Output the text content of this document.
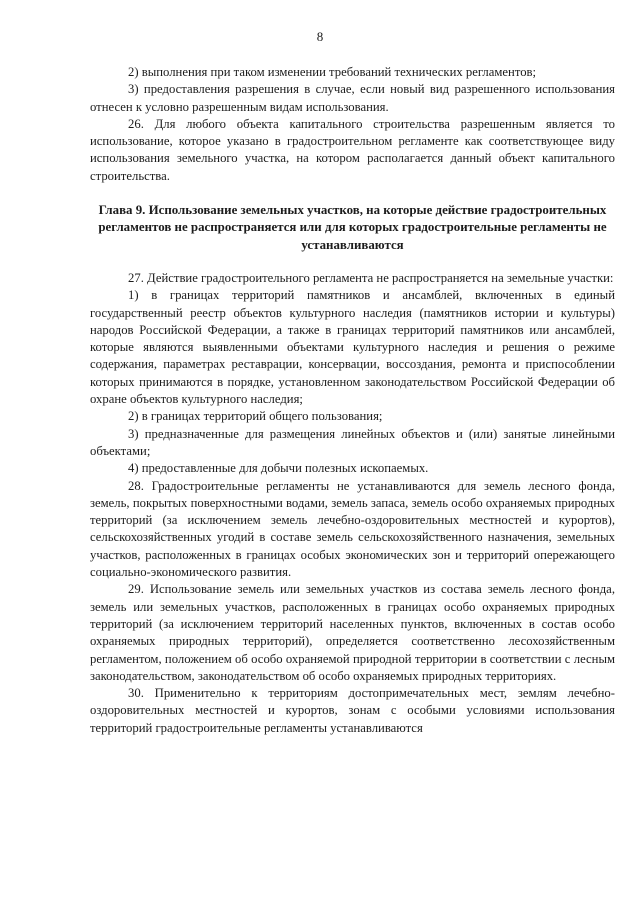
8

2) выполнения при таком изменении требований технических регламентов;

3) предоставления разрешения в случае, если новый вид разрешенного использования отнесен к условно разрешенным видам использования.

26. Для любого объекта капитального строительства разрешенным является то использование, которое указано в градостроительном регламенте как соответствующее виду использования земельного участка, на котором располагается данный объект капитального строительства.

Глава 9. Использование земельных участков, на которые действие градостроительных регламентов не распространяется или для которых градостроительные регламенты не устанавливаются

27. Действие градостроительного регламента не распространяется на земельные участки:

1) в границах территорий памятников и ансамблей, включенных в единый государственный реестр объектов культурного наследия (памятников истории и культуры) народов Российской Федерации, а также в границах территорий памятников или ансамблей, которые являются выявленными объектами культурного наследия и решения о режиме содержания, параметрах реставрации, консервации, воссоздания, ремонта и приспособлении которых принимаются в порядке, установленном законодательством Российской Федерации об охране объектов культурного наследия;

2) в границах территорий общего пользования;

3) предназначенные для размещения линейных объектов и (или) занятые линейными объектами;

4) предоставленные для добычи полезных ископаемых.

28. Градостроительные регламенты не устанавливаются для земель лесного фонда, земель, покрытых поверхностными водами, земель запаса, земель особо охраняемых природных территорий (за исключением земель лечебно-оздоровительных местностей и курортов), сельскохозяйственных угодий в составе земель сельскохозяйственного назначения, земельных участков, расположенных в границах особых экономических зон и территорий опережающего социально-экономического развития.

29. Использование земель или земельных участков из состава земель лесного фонда, земель или земельных участков, расположенных в границах особо охраняемых природных территорий (за исключением территорий населенных пунктов, включенных в состав особо охраняемых природных территорий), определяется соответственно лесохозяйственным регламентом, положением об особо охраняемой природной территории в соответствии с лесным законодательством, законодательством об особо охраняемых природных территориях.

30. Применительно к территориям достопримечательных мест, землям лечебно-оздоровительных местностей и курортов, зонам с особыми условиями использования территорий градостроительные регламенты устанавливаются
